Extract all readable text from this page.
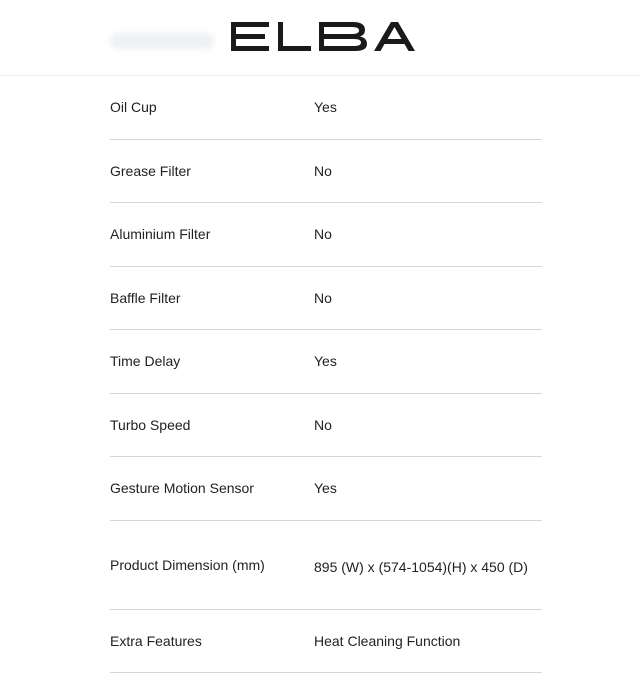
Oil Cup	Yes
Grease Filter	No
Aluminium Filter	No
Baffle Filter	No
Time Delay	Yes
Turbo Speed	No
Gesture Motion Sensor	Yes
Product Dimension (mm)	895 (W) x (574-1054)(H) x 450 (D)
Extra Features	Heat Cleaning Function
